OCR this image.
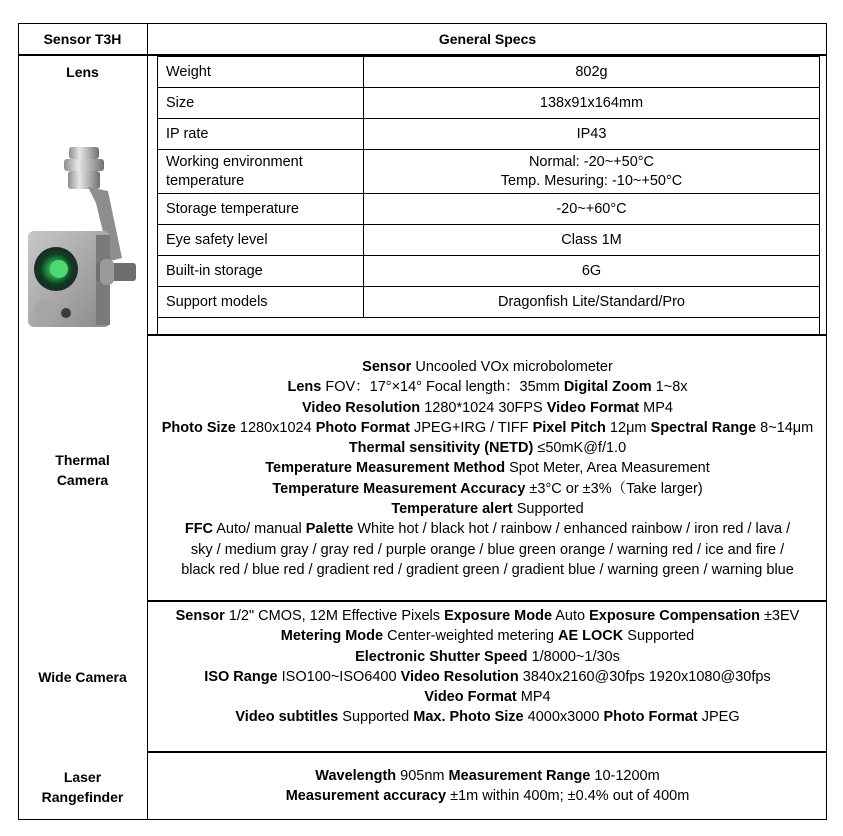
Sensor T3H	General Specs
Lens	Weight	802g
Size	138x91x164mm
IP rate	IP43
Working environment temperature	Normal: -20~+50°C
Temp. Mesuring: -10~+50°C

Storage temperature	-20~+60°C
Eye safety level	Class 1M
Built-in storage	6G
Support models	Dragonfish Lite/Standard/Pro
Thermal
Camera
Sensor Uncooled VOx microbolometer
Lens FOV：17°×14° Focal length：35mm Digital Zoom 1~8x
Video Resolution 1280*1024 30FPS Video Format MP4
Photo Size 1280x1024 Photo Format JPEG+IRG / TIFF Pixel Pitch 12μm Spectral Range 8~14μm
Thermal sensitivity (NETD) ≤50mK@f/1.0
Temperature Measurement Method Spot Meter, Area Measurement
Temperature Measurement Accuracy ±3°C or ±3%（Take larger)
Temperature alert Supported
FFC Auto/ manual Palette White hot / black hot / rainbow / enhanced rainbow / iron red / lava /
sky / medium gray / gray red / purple orange / blue green orange / warning red / ice and fire /
black red / blue red / gradient red / gradient green / gradient blue / warning green / warning blue
Wide Camera
Sensor 1/2" CMOS, 12M Effective Pixels Exposure Mode Auto Exposure Compensation ±3EV
Metering Mode Center-weighted metering AE LOCK Supported
Electronic Shutter Speed 1/8000~1/30s
ISO Range ISO100~ISO6400 Video Resolution 3840x2160@30fps 1920x1080@30fps
Video Format MP4
Video subtitles Supported Max. Photo Size 4000x3000 Photo Format JPEG
Laser
Rangefinder
Wavelength 905nm Measurement Range 10-1200m
Measurement accuracy ±1m within 400m; ±0.4% out of 400m
